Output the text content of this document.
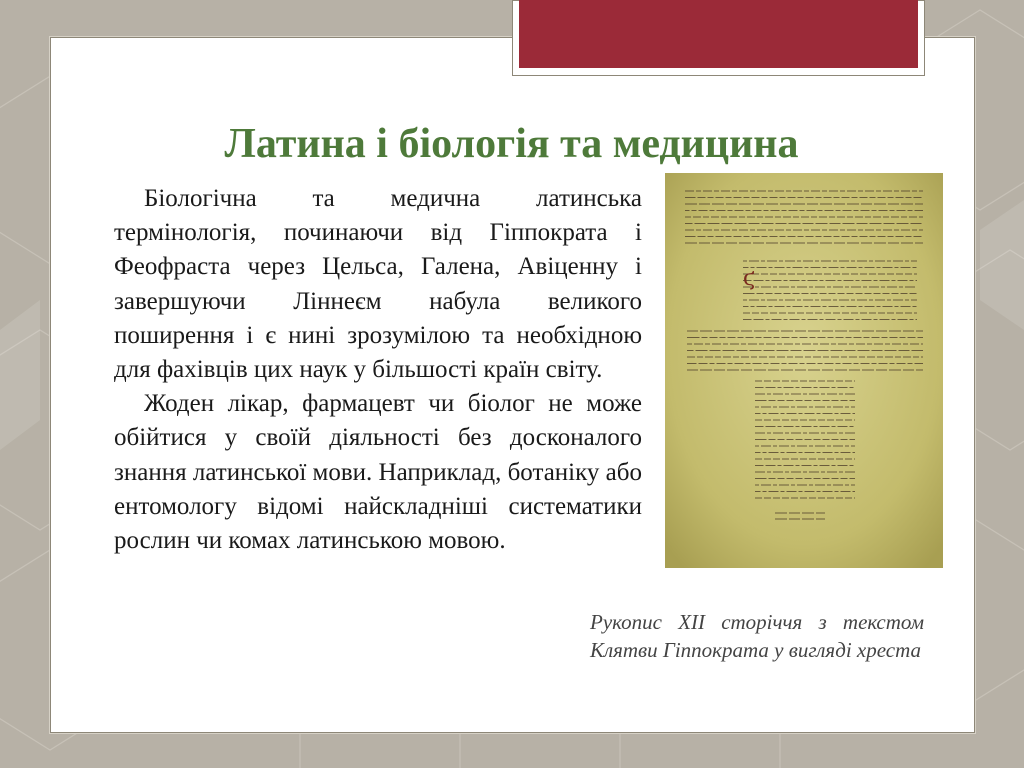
Латина і біологія та медицина

Біологічна та медична латинська термінологія, починаючи від Гіппократа і Феофраста через Цельса, Галена, Авіценну і завершуючи Ліннеєм набула великого поширення і є нині зрозумілою та необхідною для фахівців цих наук у більшості країн світу.

Жоден лікар, фармацевт чи біолог не може обійтися у своїй діяльності без досконалого знання латинської мови. Наприклад, ботаніку або ентомологу відомі найскладніші систематики рослин чи комах латинською мовою.

ϛ

Рукопис XII сторіччя з текстом Клятви Гіппократа у вигляді хреста
